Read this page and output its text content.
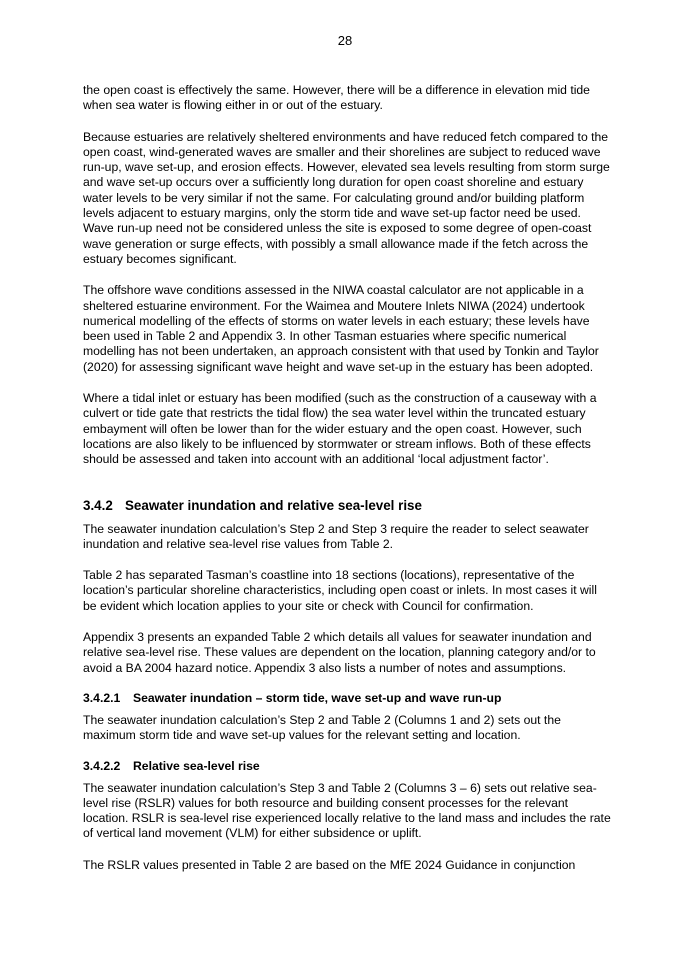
28

the open coast is effectively the same. However, there will be a difference in elevation mid tide when sea water is flowing either in or out of the estuary.

Because estuaries are relatively sheltered environments and have reduced fetch compared to the open coast, wind-generated waves are smaller and their shorelines are subject to reduced wave run-up, wave set-up, and erosion effects. However, elevated sea levels resulting from storm surge and wave set-up occurs over a sufficiently long duration for open coast shoreline and estuary water levels to be very similar if not the same. For calculating ground and/or building platform levels adjacent to estuary margins, only the storm tide and wave set-up factor need be used. Wave run-up need not be considered unless the site is exposed to some degree of open-coast wave generation or surge effects, with possibly a small allowance made if the fetch across the estuary becomes significant.

The offshore wave conditions assessed in the NIWA coastal calculator are not applicable in a sheltered estuarine environment. For the Waimea and Moutere Inlets NIWA (2024) undertook numerical modelling of the effects of storms on water levels in each estuary; these levels have been used in Table 2 and Appendix 3. In other Tasman estuaries where specific numerical modelling has not been undertaken, an approach consistent with that used by Tonkin and Taylor (2020) for assessing significant wave height and wave set-up in the estuary has been adopted.

Where a tidal inlet or estuary has been modified (such as the construction of a causeway with a culvert or tide gate that restricts the tidal flow) the sea water level within the truncated estuary embayment will often be lower than for the wider estuary and the open coast. However, such locations are also likely to be influenced by stormwater or stream inflows. Both of these effects should be assessed and taken into account with an additional ‘local adjustment factor’.

3.4.2 Seawater inundation and relative sea-level rise

The seawater inundation calculation’s Step 2 and Step 3 require the reader to select seawater inundation and relative sea-level rise values from Table 2.

Table 2 has separated Tasman’s coastline into 18 sections (locations), representative of the location’s particular shoreline characteristics, including open coast or inlets. In most cases it will be evident which location applies to your site or check with Council for confirmation.

Appendix 3 presents an expanded Table 2 which details all values for seawater inundation and relative sea-level rise. These values are dependent on the location, planning category and/or to avoid a BA 2004 hazard notice. Appendix 3 also lists a number of notes and assumptions.

3.4.2.1 Seawater inundation – storm tide, wave set-up and wave run-up

The seawater inundation calculation’s Step 2 and Table 2 (Columns 1 and 2) sets out the maximum storm tide and wave set-up values for the relevant setting and location.

3.4.2.2 Relative sea-level rise

The seawater inundation calculation’s Step 3 and Table 2 (Columns 3 – 6) sets out relative sea-level rise (RSLR) values for both resource and building consent processes for the relevant location. RSLR is sea-level rise experienced locally relative to the land mass and includes the rate of vertical land movement (VLM) for either subsidence or uplift.

The RSLR values presented in Table 2 are based on the MfE 2024 Guidance in conjunction
